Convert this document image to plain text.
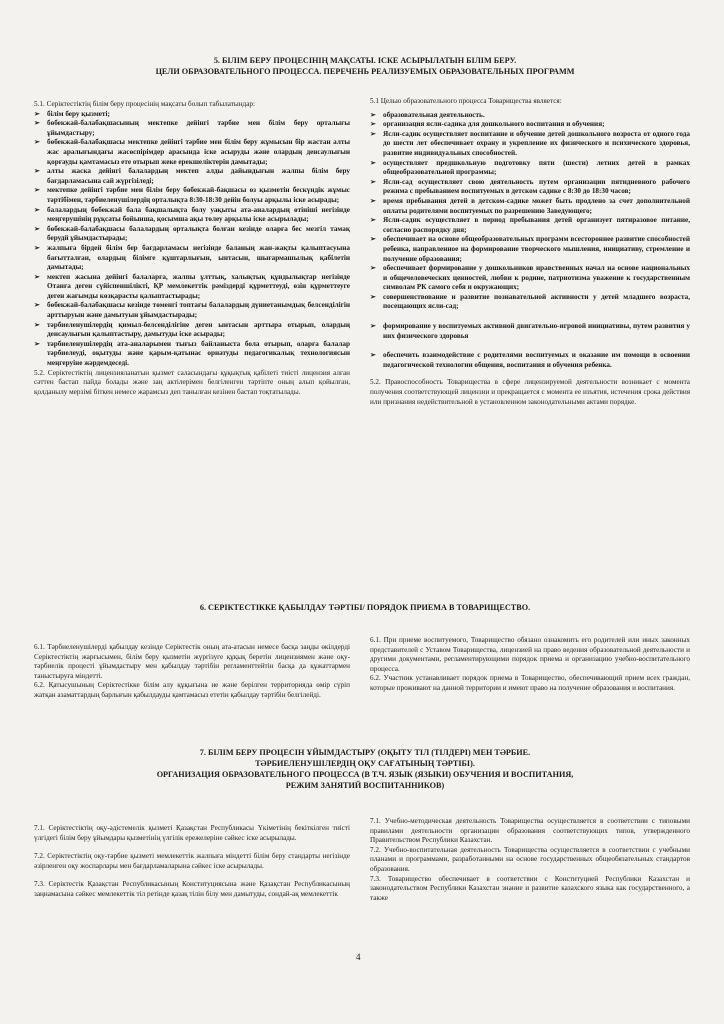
5. БІЛІМ БЕРУ ПРОЦЕСІНІҢ МАҚСАТЫ. ІСКЕ АСЫРЫЛАТЫН БІЛІМ БЕРУ.
ЦЕЛИ ОБРАЗОВАТЕЛЬНОГО ПРОЦЕССА. ПЕРЕЧЕНЬ РЕАЛИЗУЕМЫХ ОБРАЗОВАТЕЛЬНЫХ ПРОГРАММ

5.1. Серіктестіктің білім беру процесінің мақсаты болып табылатындар:

➢ білім беру қызметі;
➢ бөбекжай-балабақшасының мектепке дейінгі тәрбие мен білім беру орталығы ұйымдастыру;
➢ бөбекжай-балабақшасы мектепке дейінгі тәрбие мен білім беру жұмысын бір жастан алты жас аралығындағы жасөспірімдер арасында іске асыруды және олардың денсаулығын қорғауды қамтамасыз ете отырып жеке ерекшеліктерін дамытады;
➢ алты жаска дейінгі балалардың мектеп алды дайындығын жалпы білім беру бағдарламасына сай жүргізіледі;
➢ мектепке дейінгі тәрбие мен білім беру бөбекжай-бақшасы өз қызметін бескүндік жұмыс тәртібімен, тәрбиеленушілердің орталықта 8:30-18:30 дейін болуы арқылы іске асырады;
➢ балалардың бөбекжай бала бақшалықта болу уақыты ата-аналардың өтініші негізінде меңгерушінің рұқсаты бойынша, қосымша ақы төлеу арқылы іске асырылады;
➢ бөбекжай-балабақшасы балалардың орталықта болған кезінде оларға бес мезгіл тамақ берудй ұйымдастырады;
➢ жалпыға бірдей білім бер бағдарламасы негізінде баланың жан-жақты қалыптасуына бағытталған, олардың білімге құштарлығын, ынтасын, шығармашылық қабілетін дамытады;
➢ мектеп жасына дейінгі балаларға, жалпы ұлттық, халықтық құндылықтар негізінде Отанға деген сүйіспеншілікті, ҚР мемлекеттік рәміздерді құрметтеуді, өзін құрметтеуге деген жағымды көзқарасты қалыптастырады;
➢ бөбекжай-балабақшасы кезінде төменгі топтағы балалардың дүниетанымдық белсенділігін арттыруын және дамытуын ұйымдастырады;
➢ тәрбиеленушілердің қимыл-белсенділігіне деген ынтасын арттыра отырып, олардың денсаулығын қалыптастыру, дамытуды іске асырады;
➢ тәрбиеленушілердің ата-аналарымен тығыз байланыста бола отырып, оларға балалар тәрбиелеуді, оқытуды және қарым-қатынас орнатуды педагогикалық технологиясын меңгеруіне жәрдемдеседі.

5.2. Серіктестіктің лицензияланатын қызмет саласындағы құқықтық қабілеті тиісті лицензия алған сәттен бастап пайда болады және заң актілерімен белгіленген тәртіпте оның алып қойылған, қолданылу мерзімі біткен немесе жарамсыз деп танылған кезінен бастап тоқтатылады.

5.1 Целью образовательного процесса Товарищества является:

➢ образовательная деятельность.
➢ организация ясли-садика для дошкольного воспитания и обучения;
➢ Ясли-садик осуществляет воспитание и обучение детей дошкольного возроста от одного года до шести лет обеспечивает охрану и укрепление их физического и психического здоровья, развитие индивидуальных способностей.
➢ осуществляет предшкольную подготовку пяти (шести) летних детей в рамках общеобразовательной программы;
➢ Ясли-сад осуществляет свою деятельность путем организации пятидневного рабочего режима с пребыванием воспитуемых в детском садике с 8:30 до 18:30 часов;
➢ время пребывания детей в детском-садике может быть продлено за счет дополнительной оплаты родителями воспитуемых по разрешению Заведующего;
➢ Ясли-садик осуществляет в период пребывания детей организует пятиразовое питание, согласно распорядку дня;
➢ обеспечивает на основе общеобразовательных программ всестороннее развитие способностей ребенка, направленное на формирование творческого мышления, инициативу, стремление и получение образования;
➢ обеспечивает формирование у дошкольников нравственных начал на основе национальных и общечеловеческих ценностей, любви к родине, патриотизма уважение к государственным символам РК самого себя и окружающих;
➢ совершенствование и развитие познавательной активности у детей младшего возраста, посещающих ясли-сад;
➢ формирование у воспитуемых активной двигательно-игровой инициативы, путем развития у них физического здоровья
➢ обеспечить взаимодействие с родителями воспитуемых и оказание им помощи в освоении педагогической технологии общения, воспитания и обучения ребенка.

5.2. Правоспособность Товарищества в сфере лицензируемой деятельности возникает с момента получения соответствующей лицензии и прекращается с момента ее изъятия, истечения срока действия или признания недействительной в установленном законодательными актами порядке.

6. СЕРІКТЕСТІККЕ ҚАБЫЛДАУ ТӘРТІБІ/ ПОРЯДОК ПРИЕМА В ТОВАРИЩЕСТВО.

6.1. Тәрбиеленушілерді қабылдау кезінде Серіктестік оның ата-атасын немесе басқа заңды өкілдерді Серіктестіктің жарғысымен, білім беру қызметін жүргізуге құқық беретін лицензиямен және оқу-тәрбиелік процесті ұйымдастыру мен қабылдау тәртібін регламенттейтін басқа да құжаттармен таныстыруға міндетті.

6.2. Қатысушының Серіктестікке білім алу құқығына ие және берілген территорияда өмір сүріп жатқан азаматтардың барлығын қабылдауды қамтамасыз ететін қабылдау тәртібін белгілейді.

6.1. При приеме воспитуемого, Товарищество обязано ознакомить его родителей или иных законных представителей с Уставом Товарищества, лицензией на право ведения образовательной деятельности и другими документами, регламентирующими порядок приема и организацию учебно-воспитательного процесса.

6.2. Участник устанавливает порядок приема в Товарищество, обеспечивающий прием всех граждан, которые проживают на данной территории и имеют право на получение образования и воспитания.

7. БІЛІМ БЕРУ ПРОЦЕСІН ҰЙЫМДАСТЫРУ (ОҚЫТУ ТІЛ (ТІЛДЕРІ) МЕН ТӘРБИЕ.
ТӘРБИЕЛЕНУШІЛЕРДІҢ ОҚУ САҒАТЫНЫҢ ТӘРТІБІ).
ОРГАНИЗАЦИЯ ОБРАЗОВАТЕЛЬНОГО ПРОЦЕССА (В Т.Ч. ЯЗЫК (ЯЗЫКИ) ОБУЧЕНИЯ И ВОСПИТАНИЯ,
РЕЖИМ ЗАНЯТИЙ ВОСПИТАННИКОВ)

7.1. Серіктестіктің оқу-әдістемелік қызметі Қазақстан Республикасы Үкіметінің бекіткілген тиісті үлгідегі білім беру ұйымдары қызметінің үлгілік ережелеріне сәйкес іске асырылады.

7.2. Серіктестіктің оқу-тәрбие қызметі мемлекеттік жалпыға міндетті білім беру стандарты негізінде әзірленген оқу жоспарлары мен бағдарламаларына сәйкес іске асырылады.

7.3. Серіктестік Қазақстан Республикасының Конституциясына және Қазақстан Республикасының заңнамасына сәйкес мемлекеттік тіл ретінде қазақ тілін білу мен дамытуды, сондай-ақ мемлекеттік

7.1. Учебно-методическая деятельность Товарищества осуществляется в соответствии с типовыми правилами деятельности организации образования соответствующих типов, утвержденного Правительством Республики Казахстан.

7.2. Учебно-воспитательная деятельность Товарищества осуществляется в соответствии с учебными планами и программами, разработанными на основе государственных общеобязательных стандартов образования.

7.3. Товарищество обеспечивает в соответствии с Конституцией Республики Казахстан и законодательством Республики Казахстан знание и развитие казахского языка как государственного, а также

4
